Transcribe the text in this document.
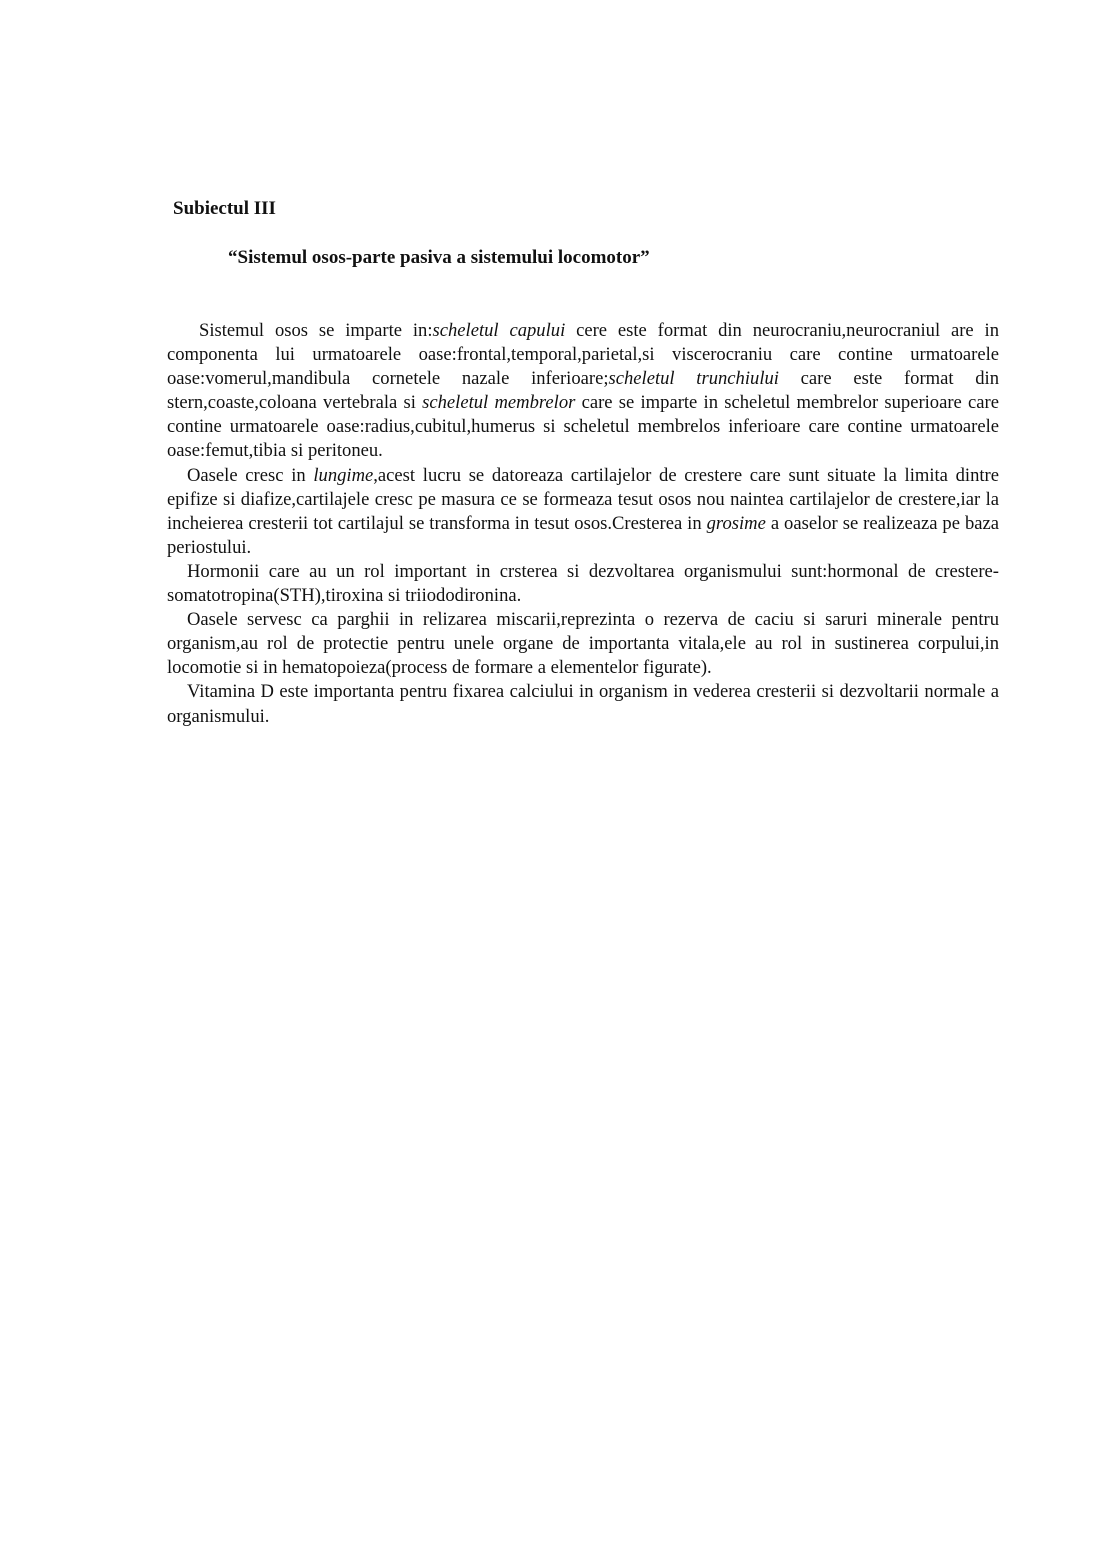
Subiectul III
“Sistemul osos-parte pasiva a sistemului locomotor”

Sistemul osos se imparte in:scheletul capului cere este format din neurocraniu,neurocraniul are in componenta lui urmatoarele oase:frontal,temporal,parietal,si viscerocraniu care contine urmatoarele oase:vomerul,mandibula cornetele nazale inferioare;scheletul trunchiului care este format din stern,coaste,coloana vertebrala si scheletul membrelor care se imparte in scheletul membrelor superioare care contine urmatoarele oase:radius,cubitul,humerus si scheletul membrelos inferioare care contine urmatoarele oase:femut,tibia si peritoneu.

Oasele cresc in lungime,acest lucru se datoreaza cartilajelor de crestere care sunt situate la limita dintre epifize si diafize,cartilajele cresc pe masura ce se formeaza tesut osos nou naintea cartilajelor de crestere,iar la incheierea cresterii tot cartilajul se transforma in tesut osos.Cresterea in grosime a oaselor se realizeaza pe baza periostului.

Hormonii care au un rol important in crsterea si dezvoltarea organismului sunt:hormonal de crestere-somatotropina(STH),tiroxina si triiododironina.

Oasele servesc ca parghii in relizarea miscarii,reprezinta o rezerva de caciu si saruri minerale pentru organism,au rol de protectie pentru unele organe de importanta vitala,ele au rol in sustinerea corpului,in locomotie si in hematopoieza(process de formare a elementelor figurate).

Vitamina D este importanta pentru fixarea calciului in organism in vederea cresterii si dezvoltarii normale a organismului.
